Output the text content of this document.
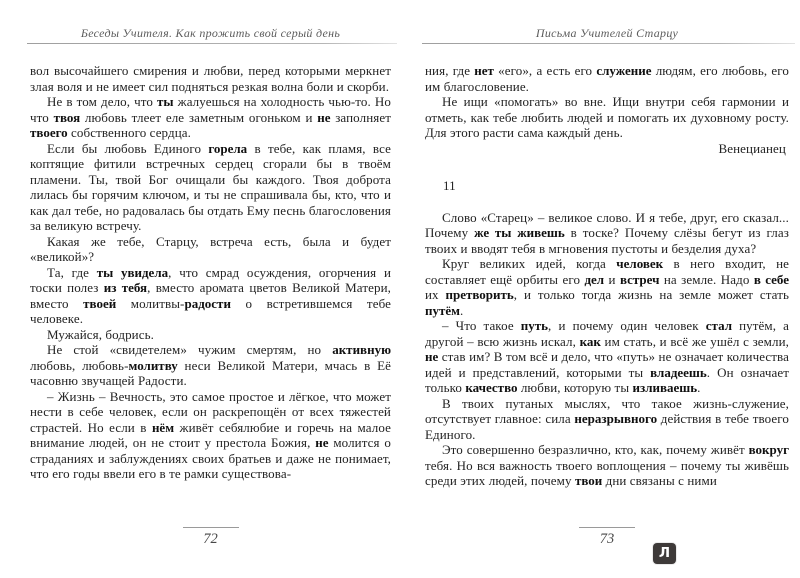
Беседы Учителя. Как прожить свой серый день

вол высочайшего смирения и любви, перед которыми меркнет злая воля и не имеет сил подняться резкая волна боли и скорби.

Не в том дело, что ты жалуешься на холодность чью-то. Но что твоя любовь тлеет еле заметным огоньком и не заполняет твоего собственного сердца.

Если бы любовь Единого горела в тебе, как пламя, все коптящие фитили встречных сердец сгорали бы в твоём пламени. Ты, твой Бог очищали бы каждого. Твоя доброта лилась бы горячим ключом, и ты не спрашивала бы, кто, что и как дал тебе, но радовалась бы отдать Ему песнь благословения за великую встречу.

Какая же тебе, Старцу, встреча есть, была и будет «великой»?

Та, где ты увидела, что смрад осуждения, огорчения и тоски полез из тебя, вместо аромата цветов Великой Матери, вместо твоей молитвы-радости о встретившемся тебе человеке.

Мужайся, бодрись.

Не стой «свидетелем» чужим смертям, но активную любовь, любовь-молитву неси Великой Матери, мчась в Её часовню звучащей Радости.

– Жизнь – Вечность, это самое простое и лёгкое, что может нести в себе человек, если он раскрепощён от всех тяжестей страстей. Но если в нём живёт себялюбие и горечь на малое внимание людей, он не стоит у престола Божия, не молится о страданиях и заблуждениях своих братьев и даже не понимает, что его годы ввели его в те рамки существова-

Письма Учителей Старцу

ния, где нет «его», а есть его служение людям, его любовь, его им благословение.

Не ищи «помогать» во вне. Ищи внутри себя гармонии и отметь, как тебе любить людей и помогать их духовному росту. Для этого расти сама каждый день.

Венецианец
11

Слово «Старец» – великое слово. И я тебе, друг, его сказал... Почему же ты живешь в тоске? Почему слёзы бегут из глаз твоих и вводят тебя в мгновения пустоты и безделия духа?

Круг великих идей, когда человек в него входит, не составляет ещё орбиты его дел и встреч на земле. Надо в себе их претворить, и только тогда жизнь на земле может стать путём.

– Что такое путь, и почему один человек стал путём, а другой – всю жизнь искал, как им стать, и всё же ушёл с земли, не став им? В том всё и дело, что «путь» не означает количества идей и представлений, которыми ты владеешь. Он означает только качество любви, которую ты изливаешь.

В твоих путаных мыслях, что такое жизнь-служение, отсутствует главное: сила неразрывного действия в тебе твоего Единого.

Это совершенно безразлично, кто, как, почему живёт вокруг тебя. Но вся важность твоего воплощения – почему ты живёшь среди этих людей, почему твои дни связаны с ними

72	73
Л
